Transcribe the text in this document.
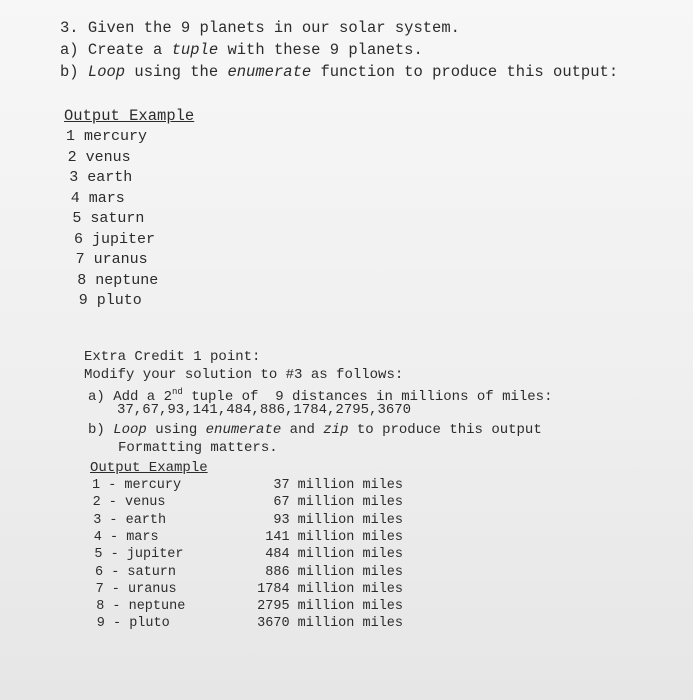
3. Given the 9 planets in our solar system.
a) Create a tuple with these 9 planets.
b) Loop using the enumerate function to produce this output:
Output Example
1 mercury
2 venus
3 earth
4 mars
5 saturn
6 jupiter
7 uranus
8 neptune
9 pluto
Extra Credit 1 point:
Modify your solution to #3 as follows:
a) Add a 2nd tuple of  9 distances in millions of miles:
37,67,93,141,484,886,1784,2795,3670
b) Loop using enumerate and zip to produce this output
Formatting matters.
Output Example
1 - mercury	37 million miles
2 - venus	67 million miles
3 - earth	93 million miles
4 - mars	141 million miles
5 - jupiter	484 million miles
6 - saturn	886 million miles
7 - uranus	1784 million miles
8 - neptune	2795 million miles
9 - pluto	3670 million miles
